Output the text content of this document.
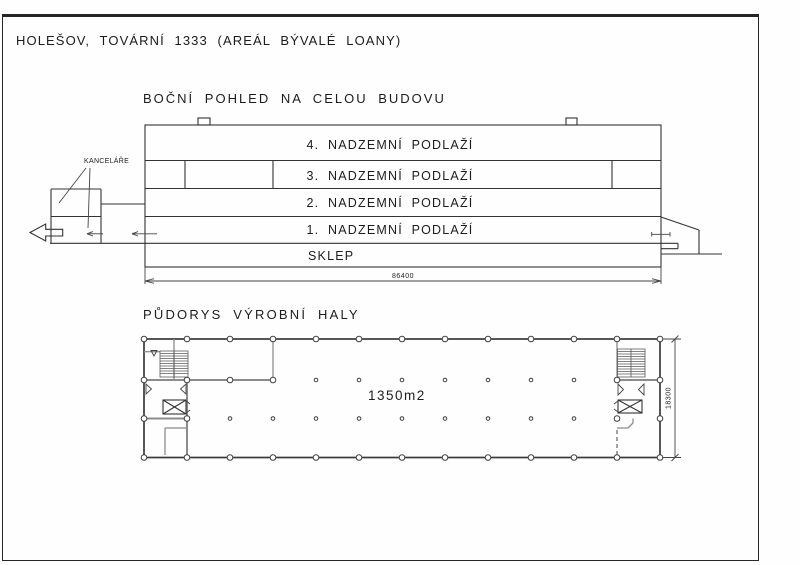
HOLEŠOV, TOVÁRNÍ 1333 (AREÁL BÝVALÉ LOANY)
BOČNÍ POHLED NA CELOU BUDOVU
KANCELÁŘE
4. NADZEMNÍ PODLAŽÍ
3. NADZEMNÍ PODLAŽÍ
2. NADZEMNÍ PODLAŽÍ
1. NADZEMNÍ PODLAŽÍ
SKLEP
86400
PŮDORYS VÝROBNÍ HALY
1350m2	18300
